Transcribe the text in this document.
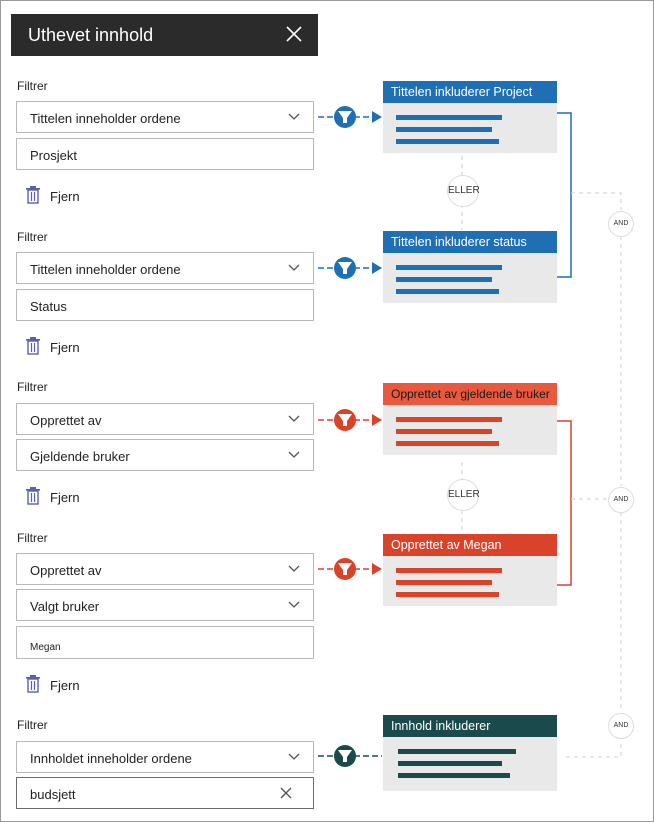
Uthevet innhold
Filtrer
Tittelen inneholder ordene
Prosjekt
Fjern
Filtrer
Tittelen inneholder ordene
Status
Fjern
Filtrer
Opprettet av
Gjeldende bruker
Fjern
Filtrer
Opprettet av
Valgt bruker
Megan
Fjern
Filtrer
Innholdet inneholder ordene
budsjett
Tittelen inkluderer Project
Tittelen inkluderer status
Opprettet av gjeldende bruker
Opprettet av Megan
Innhold inkluderer
ELLER
ELLER
AND
AND
AND
